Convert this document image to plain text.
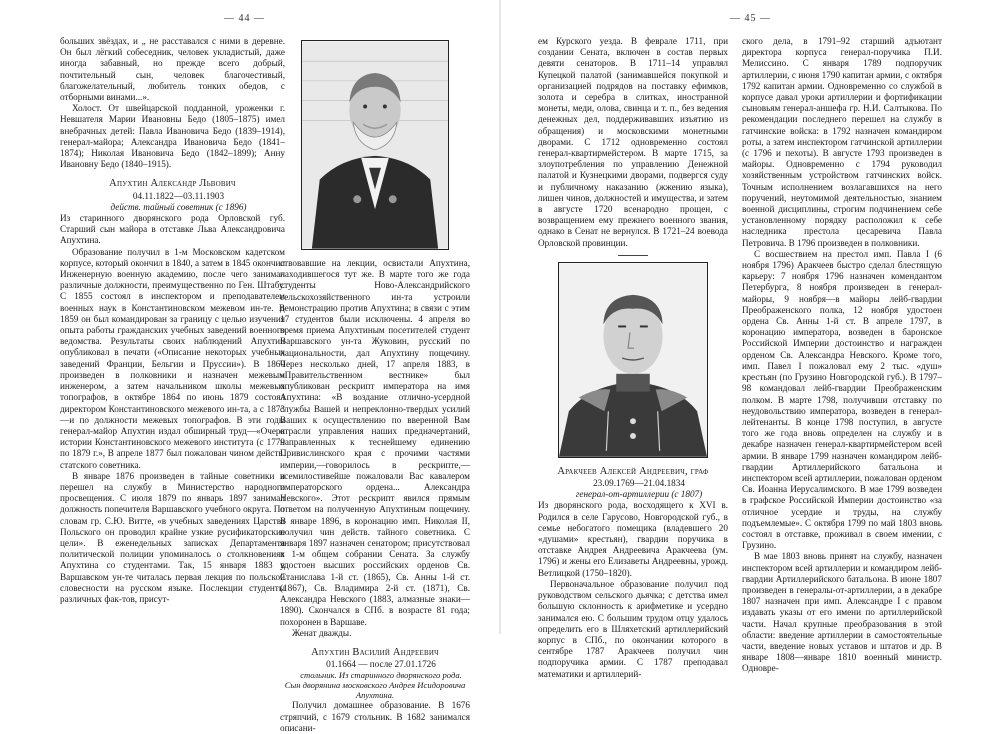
— 44 —

больших звёздах, и „ не расставался с ними в деревне. Он был лёгкий собеседник, человек укладистый, даже иногда забавный, но прежде всего добрый, почтительный сын, человек благочестивый, благожелательный, любитель тонких обедов, с отборными винами...».

Холост. От швейцарской подданной, уроженки г. Невшателя Марии Ивановны Бедо (1805–1875) имел внебрачных детей: Павла Ивановича Бедо (1839–1914), генерал-майора; Александра Ивановича Бедо (1841–1874); Николая Ивановича Бедо (1842–1899); Анну Ивановну Бедо (1840–1915).

Апухтин Александр Львович

04.11.1822—03.11.1903

действ. тайный советник (с 1896)

Из старинного дворянского рода Орловской губ. Старший сын майора в отставке Льва Александровича Апухтина.

Образование получил в 1-м Московском кадетском корпусе, который окончил в 1840, а затем в 1845 окончил Инженерную военную академию, после чего занимал различные должности, преимущественно по Ген. Штабу. С 1855 состоял в инспектором и преподавателем военных наук в Константиновском межевом ин-те. В 1859 он был командирован за границу с целью изучения опыта работы гражданских учебных заведений военного ведомства. Результаты своих наблюдений Апухтин опубликовал в печати («Описание некоторых учебных заведений Франции, Бельгии и Пруссии»). В 1860 произведен в полковники и назначен межевым инженером, а затем начальником школы межевых топографов, в октябре 1864 по июнь 1879 состоял директором Константиновского межевого ин-та, а с 1873—и по должности межевых топографов. В эти годы генерал-майор Апухтин издал обширный труд—«Очерк истории Константиновского межевого института (с 1779 по 1879 г.», В апреле 1877 был пожалован чином действ. статского советника.

В январе 1876 произведен в тайные советники и перешел на службу в Министерство народного просвещения. С июля 1879 по январь 1897 занимал должность попечителя Варшавского учебного округа. По словам гр. С.Ю. Витте, «в учебных заведениях Царства Польского он проводил крайне узкие русификаторские цели». В еженедельных записках Департамента политической полиции упоминалось о столкновениях Апухтина со студентами. Так, 15 января 1883 в Варшавском ун-те читалась первая лекция по польской словесности на русском языке. Послекции студенты различных фак-тов, присут-

ствовавшие на лекции, освистали Апухтина, находившегося тут же. В марте того же года студенты Ново-Александрийского сельскохозяйственного ин-та устроили демонстрацию против Апухтина; в связи с этим 17 студентов были исключены. 4 апреля во время приема Апухтиным посетителей студент Варшавского ун-та Жуковин, русский по национальности, дал Апухтину пощечину. Через несколько дней, 17 апреля 1883, в «Правительственном вестнике» был опубликован рескрипт императора на имя Апухтина: «В воздание отлично-усердной службы Вашей и непреклонно-твердых усилий Ваших к осуществлению по вверенной Вам отрасли управления наших предначертаний, направленных к теснейшему единению Привислинского края с прочими частями империи,—говорилось в рескрипте,—всемилостивейше пожаловали Вас кавалером императорского ордена... Александра Невского». Этот рескрипт явился прямым ответом на полученную Апухтиным пощечину. В январе 1896, в коронацию имп. Николая II, получил чин действ. тайного советника. С января 1897 назначен сенатором; присутствовал в 1-м общем собрании Сената. За службу удостоен высших российских орденов Св. Станислава 1-й ст. (1865), Св. Анны 1-й ст. (1867), Св. Владимира 2-й ст. (1871), Св. Александра Невского (1883, алмазные знаки—1890). Скончался в СПб. в возрасте 81 года; похоронен в Варшаве.

Женат дважды.

Апухтин Василий Андреевич

01.1664 — после 27.01.1726

стольник. Из старинного дворянского рода. Сын дворянина московского Андрея Исидоровича Апухтина.

Получил домашнее образование. В 1676 стряпчий, с 1679 стольник. В 1682 занимался описани-

— 45 —

ем Курского уезда. В феврале 1711, при создании Сената, включен в состав первых девяти сенаторов. В 1711–14 управлял Купецкой палатой (занимавшейся покупкой и организацией подрядов на поставку ефимков, золота и серебра в слитках, иностранной монеты, меди, олова, свинца и т. п., без ведения денежных дел, поддерживавших изъятию из обращения) и московскими монетными дворами. С 1712 одновременно состоял генерал-квартирмейстером. В марте 1715, за злоупотребления по управлению Денежной палатой и Кузнецкими дворами, подвергся суду и публичному наказанию (жжению языка), лишен чинов, должностей и имущества, и затем в августе 1720 всенародно прощен, с возвращением ему прежнего военного звания, однако в Сенат не вернулся. В 1721–24 воевода Орловской провинции.

Аракчеев Алексей Андреевич, граф

23.09.1769—21.04.1834

генерал-от-артиллерии (с 1807)

Из дворянского рода, восходящего к XVI в. Родился в селе Гарусово, Новгородской губ., в семье небогатого помещика (владевшего 20 «душами» крестьян), гвардии поручика в отставке Андрея Андреевича Аракчеева (ум. 1796) и жены его Елизаветы Андреевны, урожд. Ветлицкой (1750–1820).

Первоначальное образование получил под руководством сельского дьячка; с детства имел большую склонность к арифметике и усердно занимался ею. С большим трудом отцу удалось определить его в Шляхетский артиллерийский корпус в СПб., по окончании которого в сентябре 1787 Аракчеев получил чин подпоручика армии. С 1787 преподавал математики и артиллерий-

ского дела, в 1791–92 старший адъютант директора корпуса генерал-поручика П.И. Мелиссино. С января 1789 подпоручик артиллерии, с июня 1790 капитан армии, с октября 1792 капитан армии. Одновременно со службой в корпусе давал уроки артиллерии и фортификации сыновьям генерал-аншефа гр. Н.И. Салтыкова. По рекомендации последнего перешел на службу в гатчинские войска: в 1792 назначен командиром роты, а затем инспектором гатчинской артиллерии (с 1796 и пехоты). В августе 1793 произведен в майоры. Одновременно с 1794 руководил хозяйственным устройством гатчинских войск. Точным исполнением возлагавшихся на него поручений, неутомимой деятельностью, знанием военной дисциплины, строгим подчинением себе установленному порядку расположил к себе наследника престола цесаревича Павла Петровича. В 1796 произведен в полковники.

С восшествием на престол имп. Павла I (6 ноября 1796) Аракчеев быстро сделал блестящую карьеру: 7 ноября 1796 назначен комендантом Петербурга, 8 ноября произведен в генерал-майоры, 9 ноября—в майоры лейб-гвардии Преображенского полка, 12 ноября удостоен ордена Св. Анны 1-й ст. В апреле 1797, в коронацию императора, возведен в баронское Российской Империи достоинство и награжден орденом Св. Александра Невского. Кроме того, имп. Павел I пожаловал ему 2 тыс. «душ» крестьян (по Грузино Новгородской губ.). В 1797–98 командовал лейб-гвардии Преображенским полком. В марте 1798, получивши отставку по неудовольствию императора, возведен в генерал-лейтенанты. В конце 1798 поступил, в августе того же года вновь определен на службу и в декабре назначен генерал-квартирмейстером всей армии. В январе 1799 назначен командиром лейб-гвардии Артиллерийского батальона и инспектором всей артиллерии, пожалован орденом Св. Иоанна Иерусалимского. В мае 1799 возведен в графское Российской Империи достоинство «за отличное усердие и труды, на службу подъемлемые». С октября 1799 по май 1803 вновь состоял в отставке, проживал в своем имении, с Грузино.

В мае 1803 вновь принят на службу, назначен инспектором всей артиллерии и командиром лейб-гвардии Артиллерийского батальона. В июне 1807 произведен в генералы-от-артиллерии, а в декабре 1807 назначен при имп. Александре I с правом издавать указы от его имени по артиллерийской части. Начал крупные преобразования в этой области: введение артиллерии в самостоятельные части, введение новых уставов и штатов и др. В январе 1808—январе 1810 военный министр. Одновре-
